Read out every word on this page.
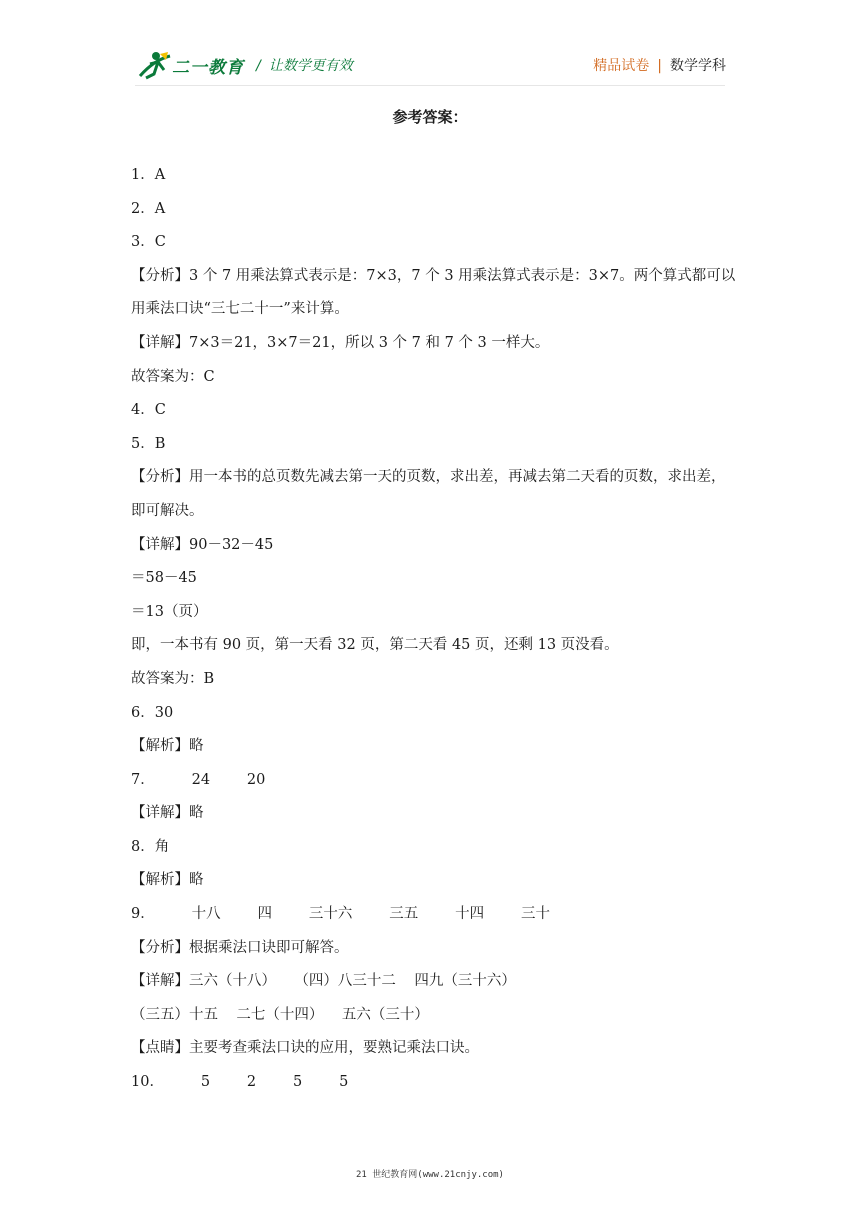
二一教育 / 让数学更有效	精品试卷 | 数学学科
参考答案：
1．A
2．A
3．C
【分析】3 个 7 用乘法算式表示是：7×3，7 个 3 用乘法算式表示是：3×7。两个算式都可以
用乘法口诀“三七二十一”来计算。
【详解】7×3＝21，3×7＝21，所以 3 个 7 和 7 个 3 一样大。
故答案为：C
4．C
5．B
【分析】用一本书的总页数先减去第一天的页数，求出差，再减去第二天看的页数，求出差，
即可解决。
【详解】90－32－45
＝58－45
＝13（页）
即，一本书有 90 页，第一天看 32 页，第二天看 45 页，还剩 13 页没看。
故答案为：B
6．30
【解析】略
7．        24        20
【详解】略
8．角
【解析】略
9．        十八        四        三十六        三五        十四        三十
【分析】根据乘法口诀即可解答。
【详解】三六（十八）    （四）八三十二    四九（三十六）
（三五）十五    二七（十四）    五六（三十）
【点睛】主要考查乘法口诀的应用，要熟记乘法口诀。
10．        5        2        5        5
21 世纪教育网(www.21cnjy.com)
